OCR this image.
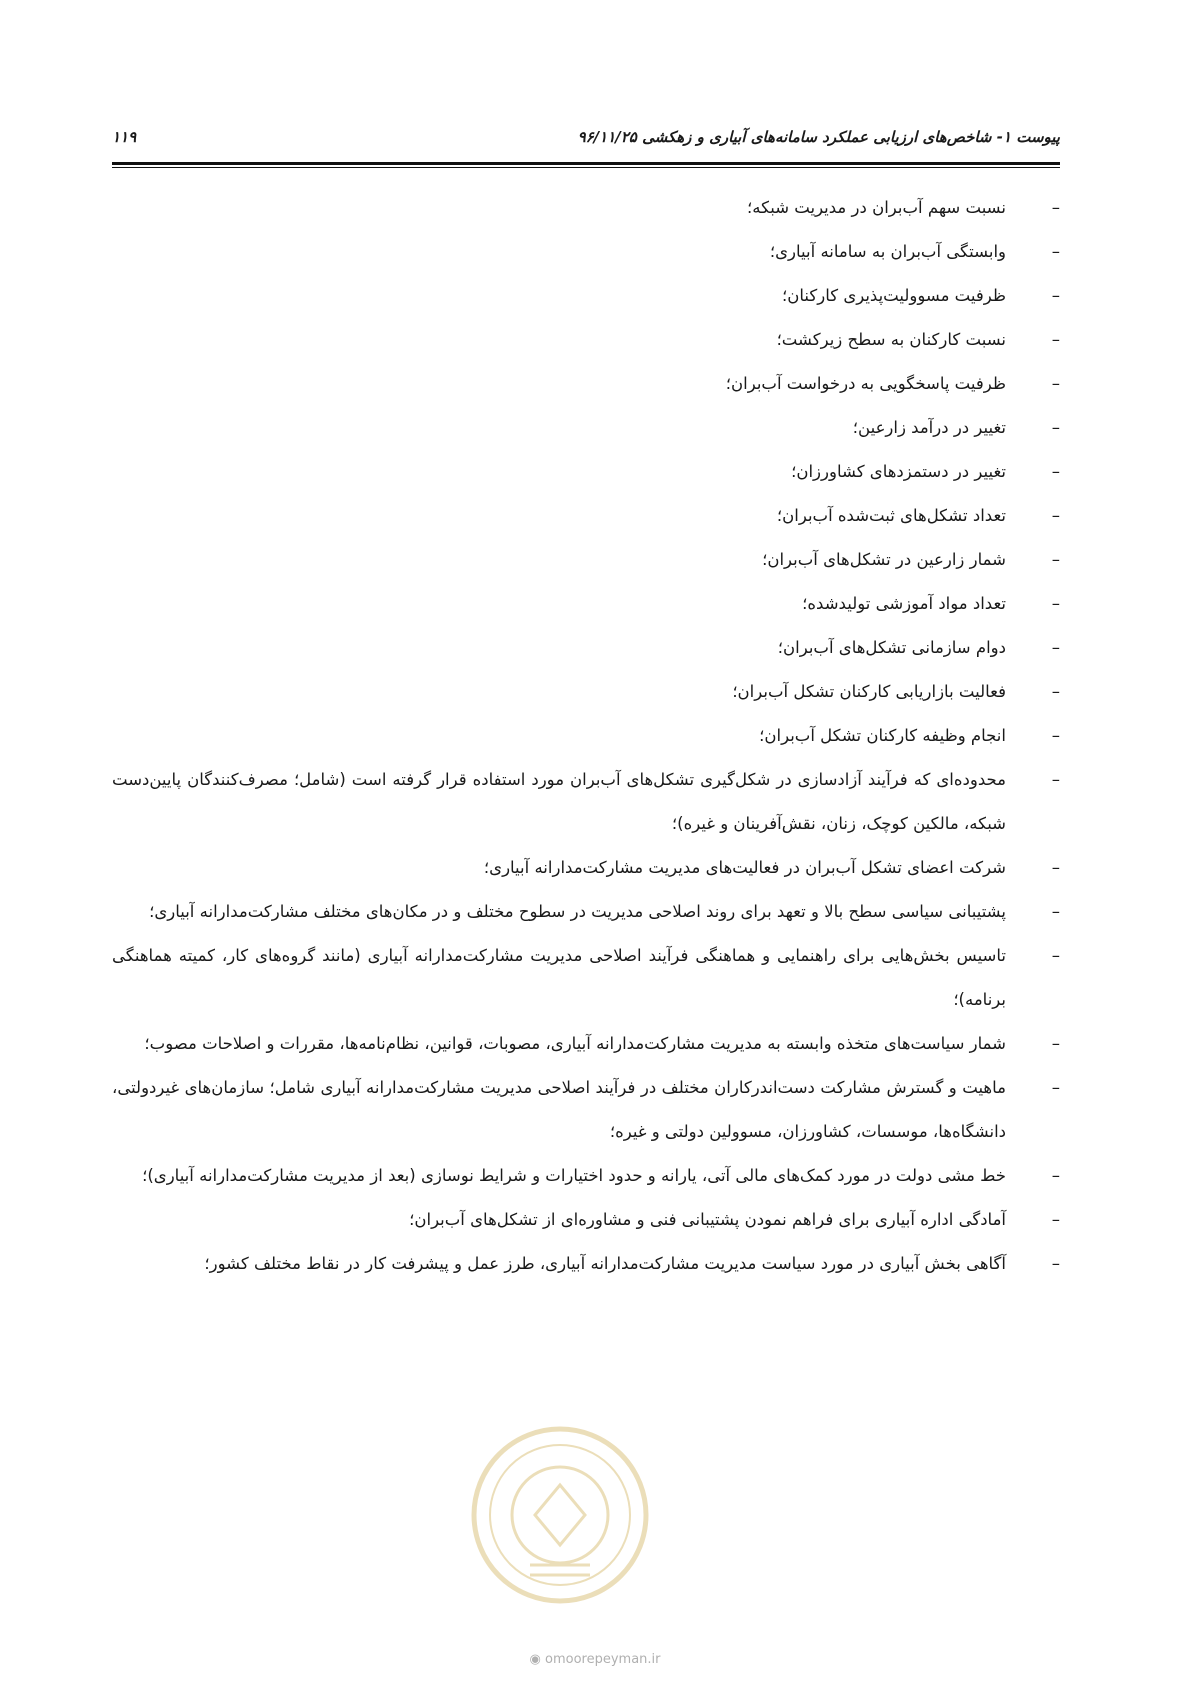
پیوست ۱- شاخص‌های ارزیابی عملکرد سامانه‌های آبیاری و زهکشی ۹۶/۱۱/۲۵
۱۱۹
–
نسبت سهم آب‌بران در مدیریت شبکه؛
–
وابستگی آب‌بران به سامانه آبیاری؛
–
ظرفیت مسوولیت‌پذیری کارکنان؛
–
نسبت کارکنان به سطح زیرکشت؛
–
ظرفیت پاسخگویی به درخواست آب‌بران؛
–
تغییر در درآمد زارعین؛
–
تغییر در دستمزدهای کشاورزان؛
–
تعداد تشکل‌های ثبت‌شده آب‌بران؛
–
شمار زارعین در تشکل‌های آب‌بران؛
–
تعداد مواد آموزشی تولیدشده؛
–
دوام سازمانی تشکل‌های آب‌بران؛
–
فعالیت بازاریابی کارکنان تشکل آب‌بران؛
–
انجام وظیفه کارکنان تشکل آب‌بران؛
–
محدوده‌ای که فرآیند آزادسازی در شکل‌گیری تشکل‌های آب‌بران مورد استفاده قرار گرفته است (شامل؛ مصرف‌کنندگان پایین‌دست شبکه، مالکین کوچک، زنان، نقش‌آفرینان و غیره)؛
–
شرکت اعضای تشکل آب‌بران در فعالیت‌های مدیریت مشارکت‌مدارانه آبیاری؛
–
پشتیبانی سیاسی سطح بالا و تعهد برای روند اصلاحی مدیریت در سطوح مختلف و در مکان‌های مختلف مشارکت‌مدارانه آبیاری؛
–
تاسیس بخش‌هایی برای راهنمایی و هماهنگی فرآیند اصلاحی مدیریت مشارکت‌مدارانه آبیاری (مانند گروه‌های کار، کمیته هماهنگی برنامه)؛
–
شمار سیاست‌های متخذه وابسته به مدیریت مشارکت‌مدارانه آبیاری، مصوبات، قوانین، نظام‌نامه‌ها، مقررات و اصلاحات مصوب؛
–
ماهیت و گسترش مشارکت دست‌اندرکاران مختلف در فرآیند اصلاحی مدیریت مشارکت‌مدارانه آبیاری شامل؛ سازمان‌های غیردولتی، دانشگاه‌ها، موسسات، کشاورزان، مسوولین دولتی و غیره؛
–
خط مشی دولت در مورد کمک‌های مالی آتی، یارانه و حدود اختیارات و شرایط نوسازی (بعد از مدیریت مشارکت‌مدارانه آبیاری)؛
–
آمادگی اداره آبیاری برای فراهم نمودن پشتیبانی فنی و مشاوره‌ای از تشکل‌های آب‌بران؛
–
آگاهی بخش آبیاری در مورد سیاست مدیریت مشارکت‌مدارانه آبیاری، طرز عمل و پیشرفت کار در نقاط مختلف کشور؛
◉ omoorepeyman.ir
